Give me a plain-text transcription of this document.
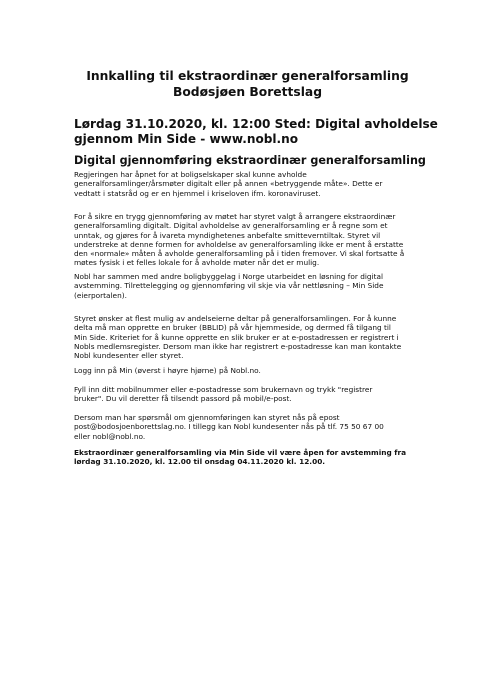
Innkalling til ekstraordinær generalforsamling
Bodøsjøen Borettslag
Lørdag 31.10.2020, kl. 12:00 Sted: Digital avholdelse
gjennom Min Side - www.nobl.no
Digital gjennomføring ekstraordinær generalforsamling

Regjeringen har åpnet for at boligselskaper skal kunne avholde
generalforsamlinger/årsmøter digitalt eller på annen «betryggende måte». Dette er
vedtatt i statsråd og er en hjemmel i kriseloven ifm. koronaviruset.

For å sikre en trygg gjennomføring av møtet har styret valgt å arrangere ekstraordinær
generalforsamling digitalt. Digital avholdelse av generalforsamling er å regne som et
unntak, og gjøres for å ivareta myndighetenes anbefalte smitteverntiltak. Styret vil
understreke at denne formen for avholdelse av generalforsamling ikke er ment å erstatte
den «normale» måten å avholde generalforsamling på i tiden fremover. Vi skal fortsatte å
møtes fysisk i et felles lokale for å avholde møter når det er mulig.

Nobl har sammen med andre boligbyggelag i Norge utarbeidet en løsning for digital
avstemming. Tilrettelegging og gjennomføring vil skje via vår nettløsning – Min Side
(eierportalen).

Styret ønsker at flest mulig av andelseierne deltar på generalforsamlingen. For å kunne
delta må man opprette en bruker (BBLID) på vår hjemmeside, og dermed få tilgang til
Min Side. Kriteriet for å kunne opprette en slik bruker er at e-postadressen er registrert i
Nobls medlemsregister. Dersom man ikke har registrert e-postadresse kan man kontakte
Nobl kundesenter eller styret.

Logg inn på Min (øverst i høyre hjørne) på Nobl.no.

Fyll inn ditt mobilnummer eller e-postadresse som brukernavn og trykk "registrer
bruker". Du vil deretter få tilsendt passord på mobil/e-post.

Dersom man har spørsmål om gjennomføringen kan styret nås på epost
post@bodosjoenborettslag.no. I tillegg kan Nobl kundesenter nås på tlf. 75 50 67 00
eller nobl@nobl.no.

Ekstraordinær generalforsamling via Min Side vil være åpen for avstemming fra
lørdag 31.10.2020, kl. 12.00 til onsdag 04.11.2020 kl. 12.00.
